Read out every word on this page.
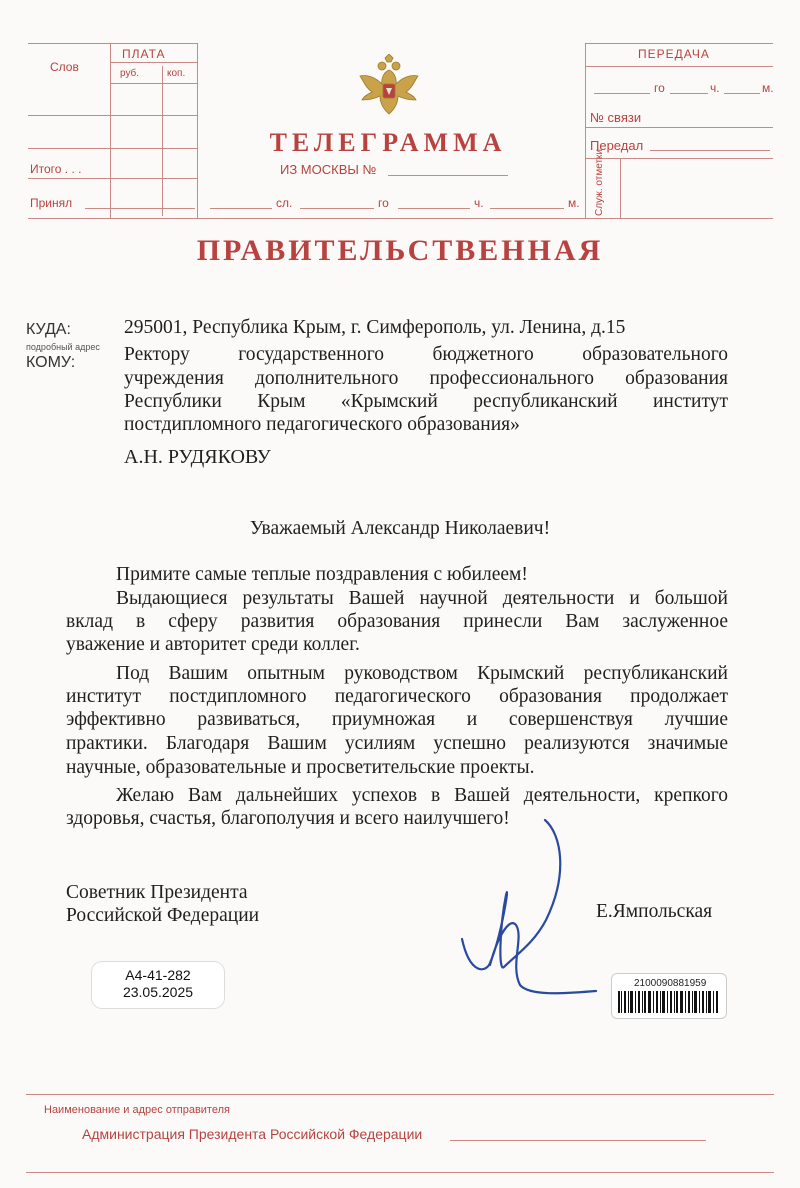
Слов
ПЛАТА
руб.	коп.
Итого . . .
Принял
ТЕЛЕГРАММА
ИЗ МОСКВЫ №
сл.	го	ч.	м.
ПЕРЕДАЧА
го	ч.	м.
№ связи
Передал
Служ. отметки
ПРАВИТЕЛЬСТВЕННАЯ
КУДА:
подробный адрес
КОМУ:
295001, Республика Крым, г. Симферополь, ул. Ленина, д.15
Ректору государственного бюджетного образовательного
учреждения дополнительного профессионального образования
Республики Крым «Крымский республиканский институт
постдипломного педагогического образования»
А.Н. РУДЯКОВУ
Уважаемый Александр Николаевич!
Примите самые теплые поздравления с юбилеем!
Выдающиеся результаты Вашей научной деятельности и большой
вклад в сферу развития образования принесли Вам заслуженное
уважение и авторитет среди коллег.
Под Вашим опытным руководством Крымский республиканский
институт постдипломного педагогического образования продолжает
эффективно развиваться, приумножая и совершенствуя лучшие
практики. Благодаря Вашим усилиям успешно реализуются значимые
научные, образовательные и просветительские проекты.
Желаю Вам дальнейших успехов в Вашей деятельности, крепкого
здоровья, счастья, благополучия и всего наилучшего!
Советник Президента
Российской Федерации	Е.Ямпольская
А4-41-282
23.05.2025
2100090881959
Наименование и адрес отправителя
Администрация Президента Российской Федерации
